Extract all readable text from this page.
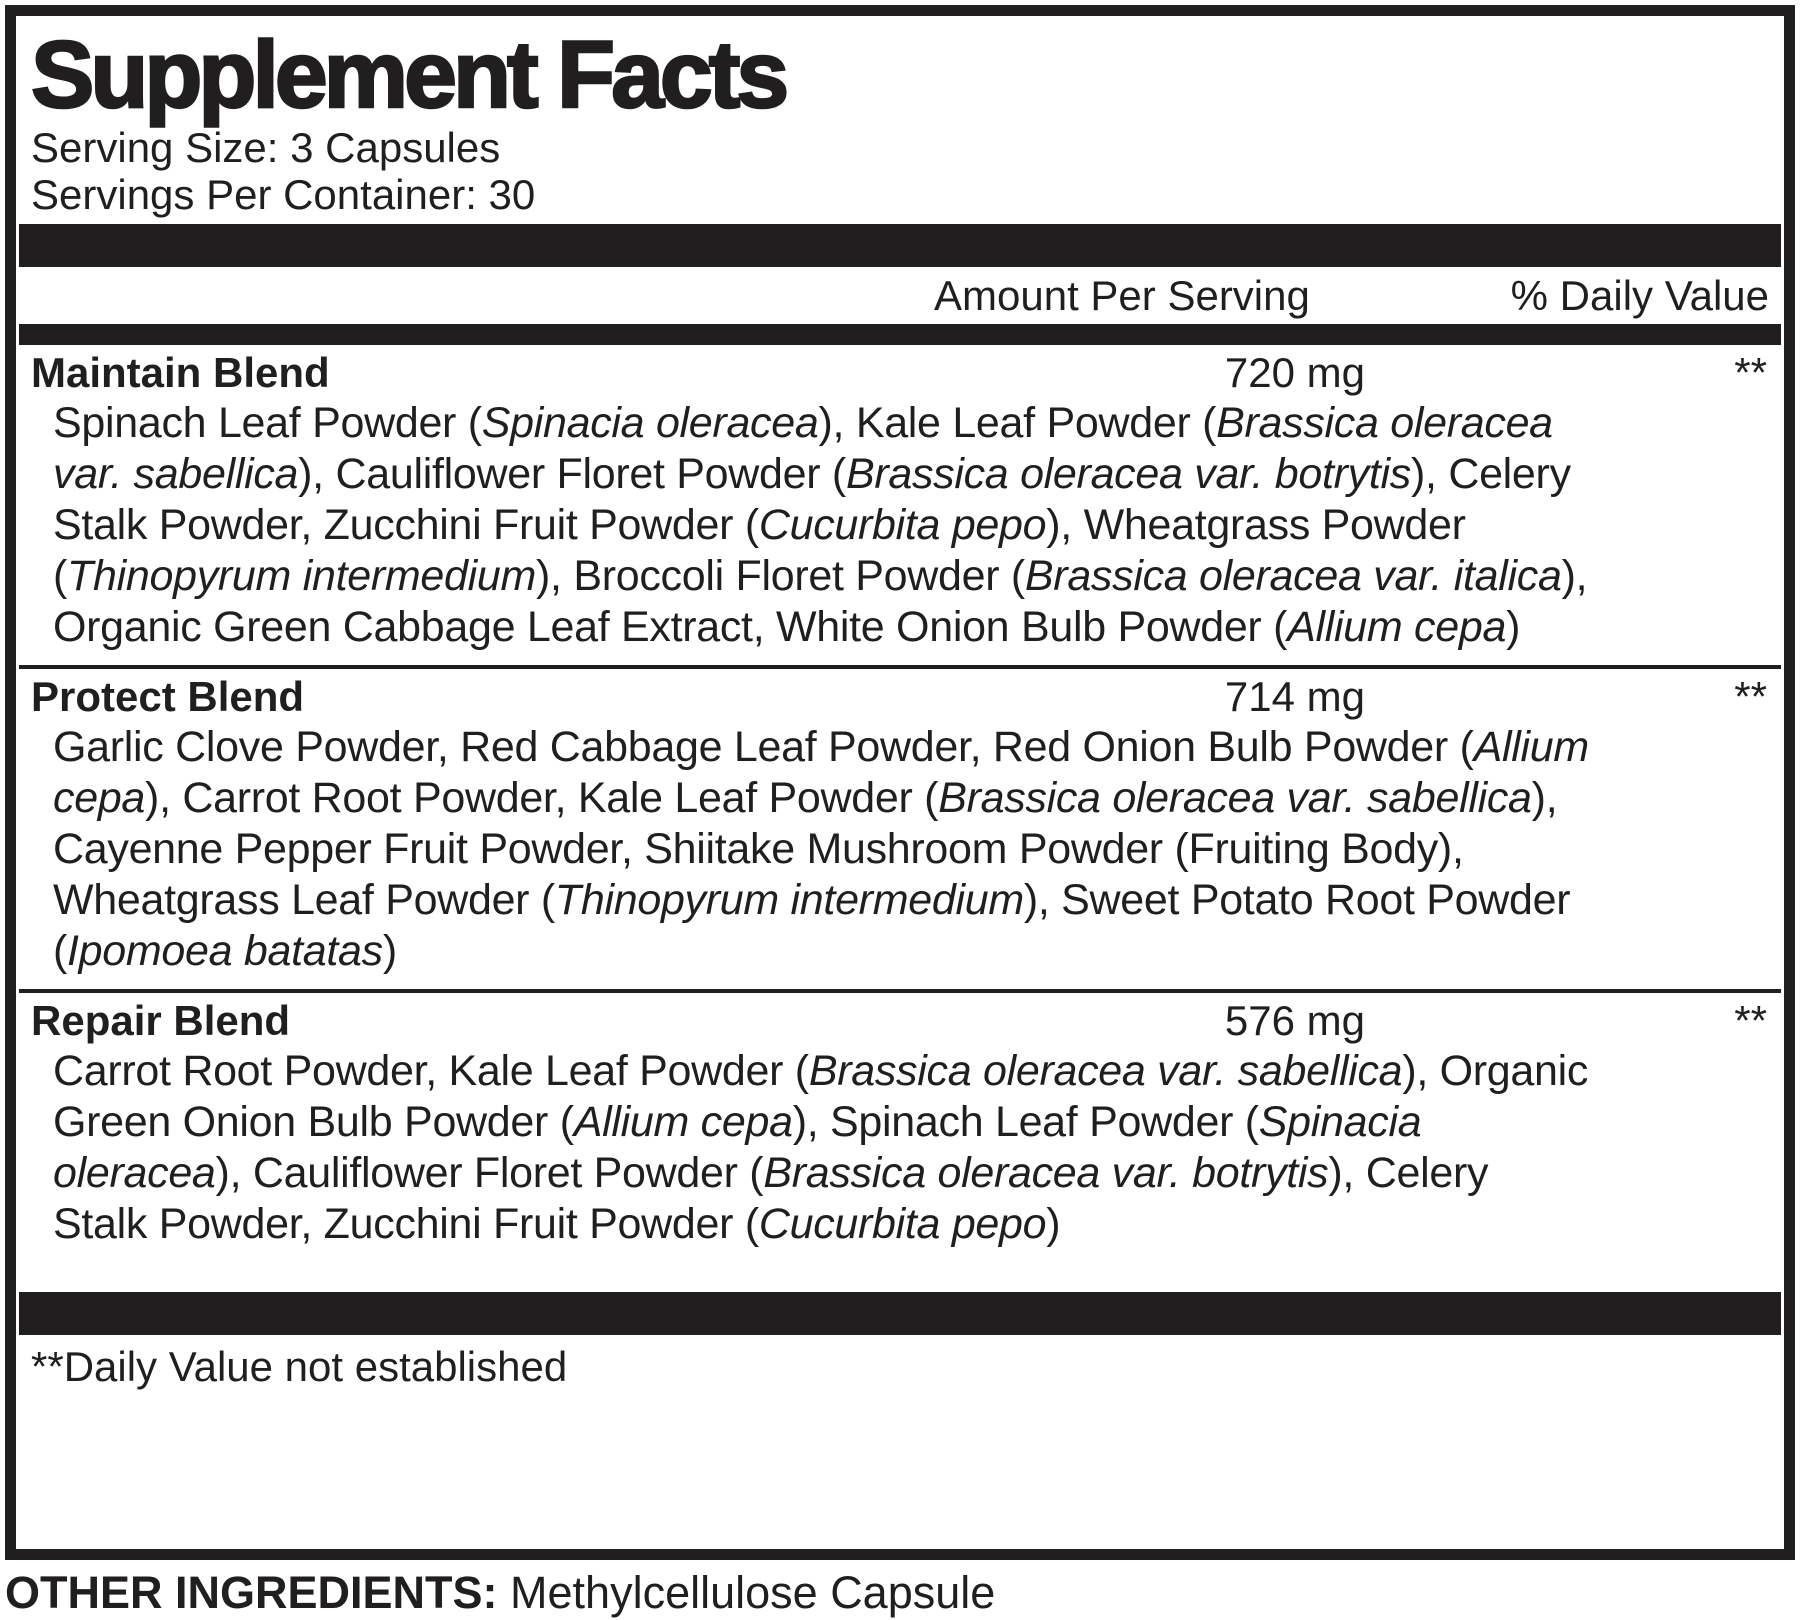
Supplement Facts
Serving Size: 3 Capsules
Servings Per Container: 30
Amount Per Serving	% Daily Value
Maintain Blend	720 mg	**
Spinach Leaf Powder (Spinacia oleracea), Kale Leaf Powder (Brassica oleracea var. sabellica), Cauliflower Floret Powder (Brassica oleracea var. botrytis), Celery Stalk Powder, Zucchini Fruit Powder (Cucurbita pepo), Wheatgrass Powder (Thinopyrum intermedium), Broccoli Floret Powder (Brassica oleracea var. italica), Organic Green Cabbage Leaf Extract, White Onion Bulb Powder (Allium cepa)
Protect Blend	714 mg	**
Garlic Clove Powder, Red Cabbage Leaf Powder, Red Onion Bulb Powder (Allium cepa), Carrot Root Powder, Kale Leaf Powder (Brassica oleracea var. sabellica), Cayenne Pepper Fruit Powder, Shiitake Mushroom Powder (Fruiting Body), Wheatgrass Leaf Powder (Thinopyrum intermedium), Sweet Potato Root Powder (Ipomoea batatas)
Repair Blend	576 mg	**
Carrot Root Powder, Kale Leaf Powder (Brassica oleracea var. sabellica), Organic Green Onion Bulb Powder (Allium cepa), Spinach Leaf Powder (Spinacia oleracea), Cauliflower Floret Powder (Brassica oleracea var. botrytis), Celery Stalk Powder, Zucchini Fruit Powder (Cucurbita pepo)
**Daily Value not established
OTHER INGREDIENTS: Methylcellulose Capsule
